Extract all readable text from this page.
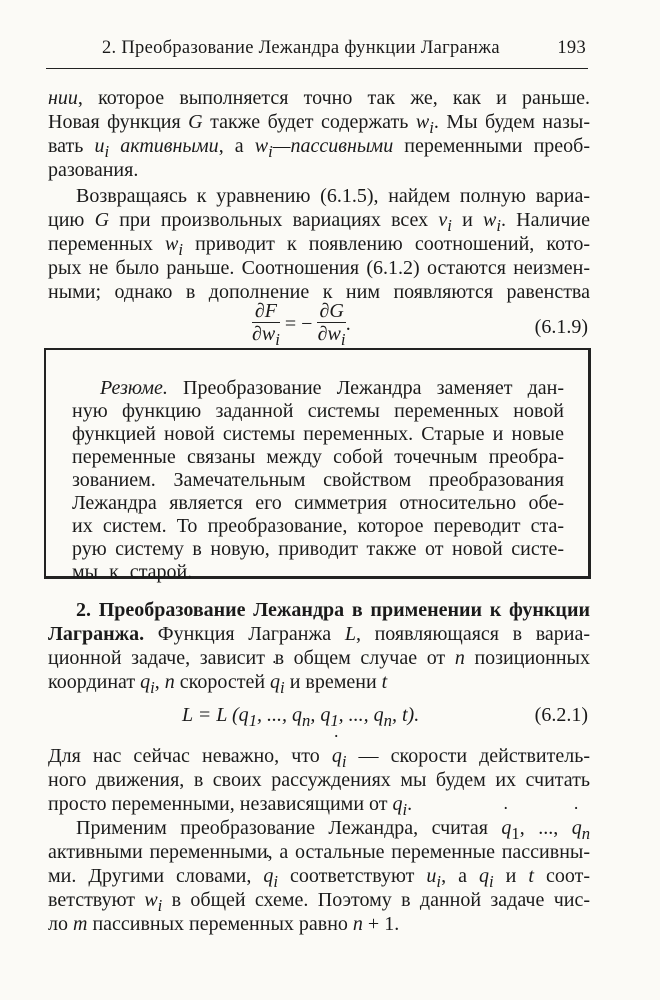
2. Преобразование Лежандра функции Лагранжа	193
нии, которое выполняется точно так же, как и раньше.
Новая функция G также будет содержать $w_i$. Мы будем назы-
вать $u_i$ активными, а $w_i—пассивными$ переменными преоб-
разования.
Возвращаясь к уравнению (6.1.5), найдем полную вариа-
цию G при произвольных вариациях всех $v_i$ и $w_i$. Наличие
переменных $w_i$ приводит к появлению соотношений, кото-
рых не было раньше. Соотношения (6.1.2) остаются неизмен-
ными; однако в дополнение к ним появляются равенства
$\frac{\partial F}{\partial w_i}$ = − $\frac{\partial G}{\partial w_i}$ .	(6.1.9)
Резюме. Преобразование Лежандра заменяет дан-
ную функцию заданной системы переменных новой
функцией новой системы переменных. Старые и новые
переменные связаны между собой точечным преобра-
зованием. Замечательным свойством преобразования
Лежандра является его симметрия относительно обе-
их систем. То преобразование, которое переводит ста-
рую систему в новую, приводит также от новой систе-
мы к старой.
2. Преобразование Лежандра в применении к функции
Лагранжа. Функция Лагранжа L, появляющаяся в вариа-
ционной задаче, зависит в общем случае от n позиционных
координат $q_i$, n скоростей ˙ $q_i$ и времени t
L = L ($q_1$, ..., $q_n$, $q_1$, ..., $q_n$, t).	(6.2.1)
Для нас сейчас неважно, что ˙ $q_i$ — скорости действитель-
ного движения, в своих рассуждениях мы будем их считать
просто переменными, независящими от $q_i$.
Применим преобразование Лежандра, считая ˙ $q_1$, ..., ˙ $q_n$
активными переменными, а остальные переменные пассивны-
ми. Другими словами, ˙ $q_i$ соответствуют $u_i$, а $q_i$ и t соот-
ветствуют $w_i$ в общей схеме. Поэтому в данной задаче чис-
ло m пассивных переменных равно n + 1.
